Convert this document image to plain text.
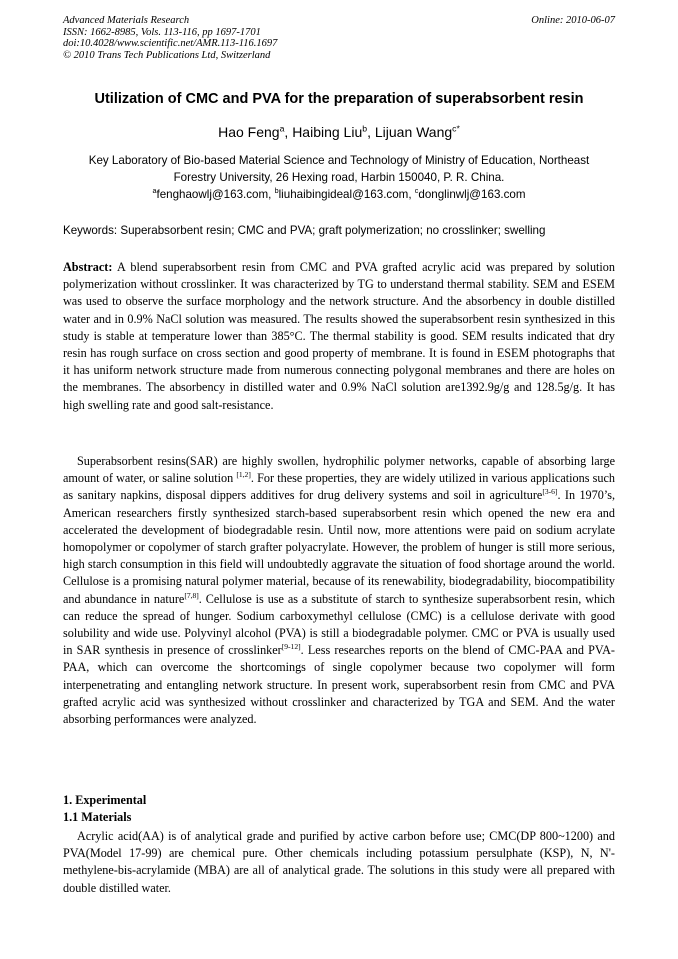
Advanced Materials Research
ISSN: 1662-8985, Vols. 113-116, pp 1697-1701
doi:10.4028/www.scientific.net/AMR.113-116.1697
© 2010 Trans Tech Publications Ltd, Switzerland
Online: 2010-06-07
Utilization of CMC and PVA for the preparation of superabsorbent resin
Hao Feng$^a$, Haibing Liu$^b$, Lijuan Wang$^{c*}$
Key Laboratory of Bio-based Material Science and Technology of Ministry of Education, Northeast
Forestry University, 26 Hexing road, Harbin 150040, P. R. China.
$^a$fenghaowlj@163.com, $^b$liuhaibingideal@163.com, $^c$donglinwlj@163.com
Keywords: Superabsorbent resin; CMC and PVA; graft polymerization; no crosslinker; swelling
Abstract: A blend superabsorbent resin from CMC and PVA grafted acrylic acid was prepared by solution polymerization without crosslinker. It was characterized by TG to understand thermal stability. SEM and ESEM was used to observe the surface morphology and the network structure. And the absorbency in double distilled water and in 0.9% NaCl solution was measured. The results showed the superabsorbent resin synthesized in this study is stable at temperature lower than 385°C. The thermal stability is good. SEM results indicated that dry resin has rough surface on cross section and good property of membrane. It is found in ESEM photographs that it has uniform network structure made from numerous connecting polygonal membranes and there are holes on the membranes. The absorbency in distilled water and 0.9% NaCl solution are1392.9g/g and 128.5g/g. It has high swelling rate and good salt-resistance.
Superabsorbent resins(SAR) are highly swollen, hydrophilic polymer networks, capable of absorbing large amount of water, or saline solution [1,2]. For these properties, they are widely utilized in various applications such as sanitary napkins, disposal dippers additives for drug delivery systems and soil in agriculture[3-6]. In 1970’s, American researchers firstly synthesized starch-based superabsorbent resin which opened the new era and accelerated the development of biodegradable resin. Until now, more attentions were paid on sodium acrylate homopolymer or copolymer of starch grafter polyacrylate. However, the problem of hunger is still more serious, high starch consumption in this field will undoubtedly aggravate the situation of food shortage around the world. Cellulose is a promising natural polymer material, because of its renewability, biodegradability, biocompatibility and abundance in nature[7,8]. Cellulose is use as a substitute of starch to synthesize superabsorbent resin, which can reduce the spread of hunger. Sodium carboxymethyl cellulose (CMC) is a cellulose derivate with good solubility and wide use. Polyvinyl alcohol (PVA) is still a biodegradable polymer. CMC or PVA is usually used in SAR synthesis in presence of crosslinker[9-12]. Less researches reports on the blend of CMC-PAA and PVA-PAA, which can overcome the shortcomings of single copolymer because two copolymer will form interpenetrating and entangling network structure. In present work, superabsorbent resin from CMC and PVA grafted acrylic acid was synthesized without crosslinker and characterized by TGA and SEM. And the water absorbing performances were analyzed.
1. Experimental
1.1 Materials
Acrylic acid(AA) is of analytical grade and purified by active carbon before use; CMC(DP 800~1200) and PVA(Model 17-99) are chemical pure. Other chemicals including potassium persulphate (KSP), N, N'-methylene-bis-acrylamide (MBA) are all of analytical grade. The solutions in this study were all prepared with double distilled water.
